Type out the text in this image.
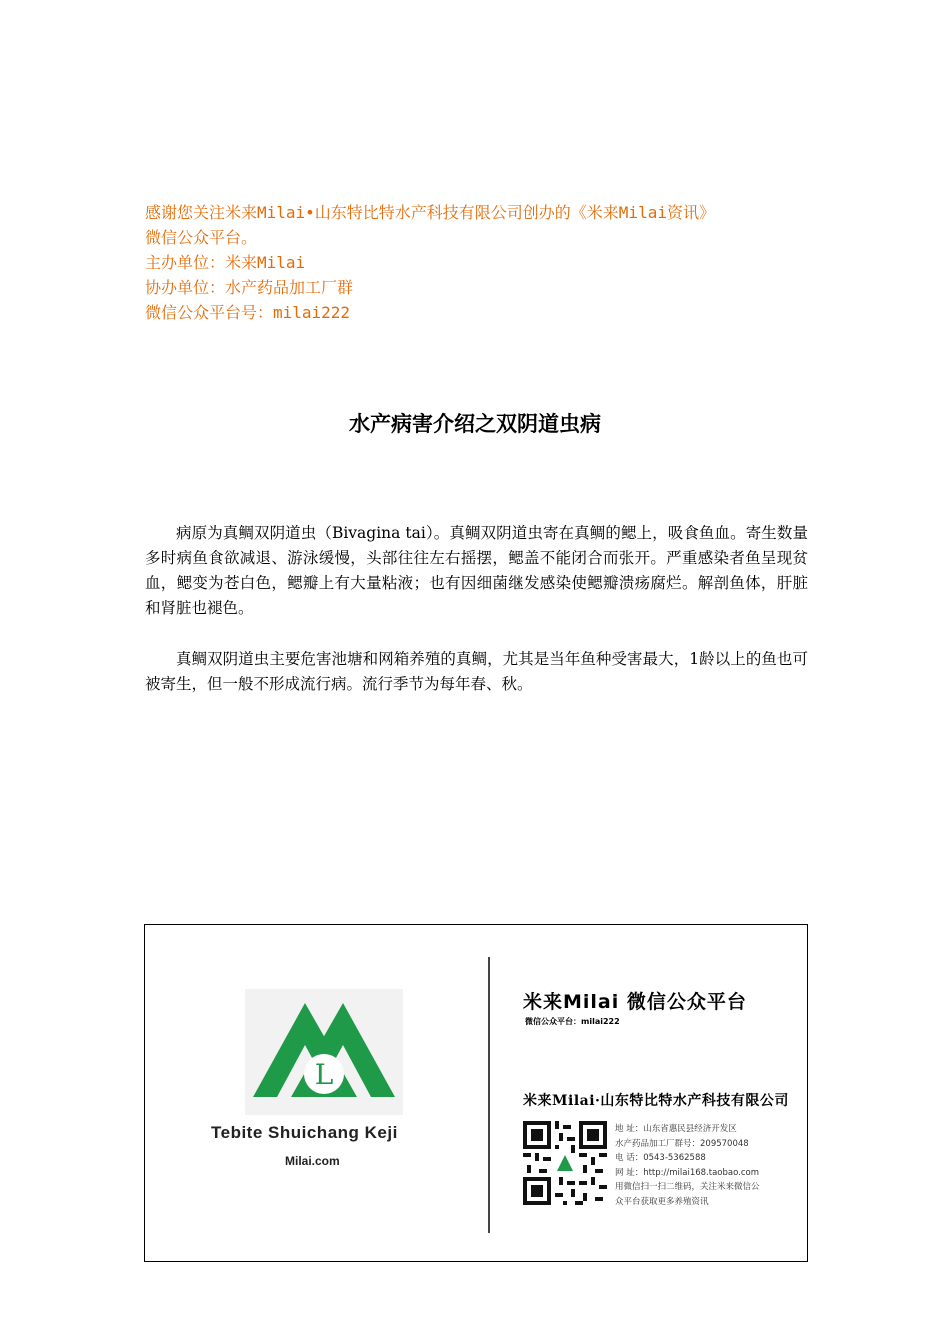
感谢您关注米来Milai•山东特比特水产科技有限公司创办的《米来Milai资讯》
微信公众平台。
主办单位：米来Milai
协办单位：水产药品加工厂群
微信公众平台号：milai222
水产病害介绍之双阴道虫病

病原为真鲷双阴道虫（Bivagina tai）。真鲷双阴道虫寄在真鲷的鳃上，吸食鱼血。寄生数量多时病鱼食欲减退、游泳缓慢，头部往往左右摇摆，鳃盖不能闭合而张开。严重感染者鱼呈现贫血，鳃变为苍白色，鳃瓣上有大量粘液；也有因细菌继发感染使鳃瓣溃疡腐烂。解剖鱼体，肝脏和肾脏也褪色。

真鲷双阴道虫主要危害池塘和网箱养殖的真鲷，尤其是当年鱼种受害最大，1龄以上的鱼也可被寄生，但一般不形成流行病。流行季节为每年春、秋。

L
Tebite Shuichang Keji
Milai.com
米来Milai 微信公众平台
微信公众平台：milai222
米来Milai·山东特比特水产科技有限公司
地 址：山东省惠民县经济开发区
水产药品加工厂群号：209570048
电 话：0543-5362588
网 址：http://milai168.taobao.com
用微信扫一扫二维码，关注米来微信公
众平台获取更多养殖资讯
